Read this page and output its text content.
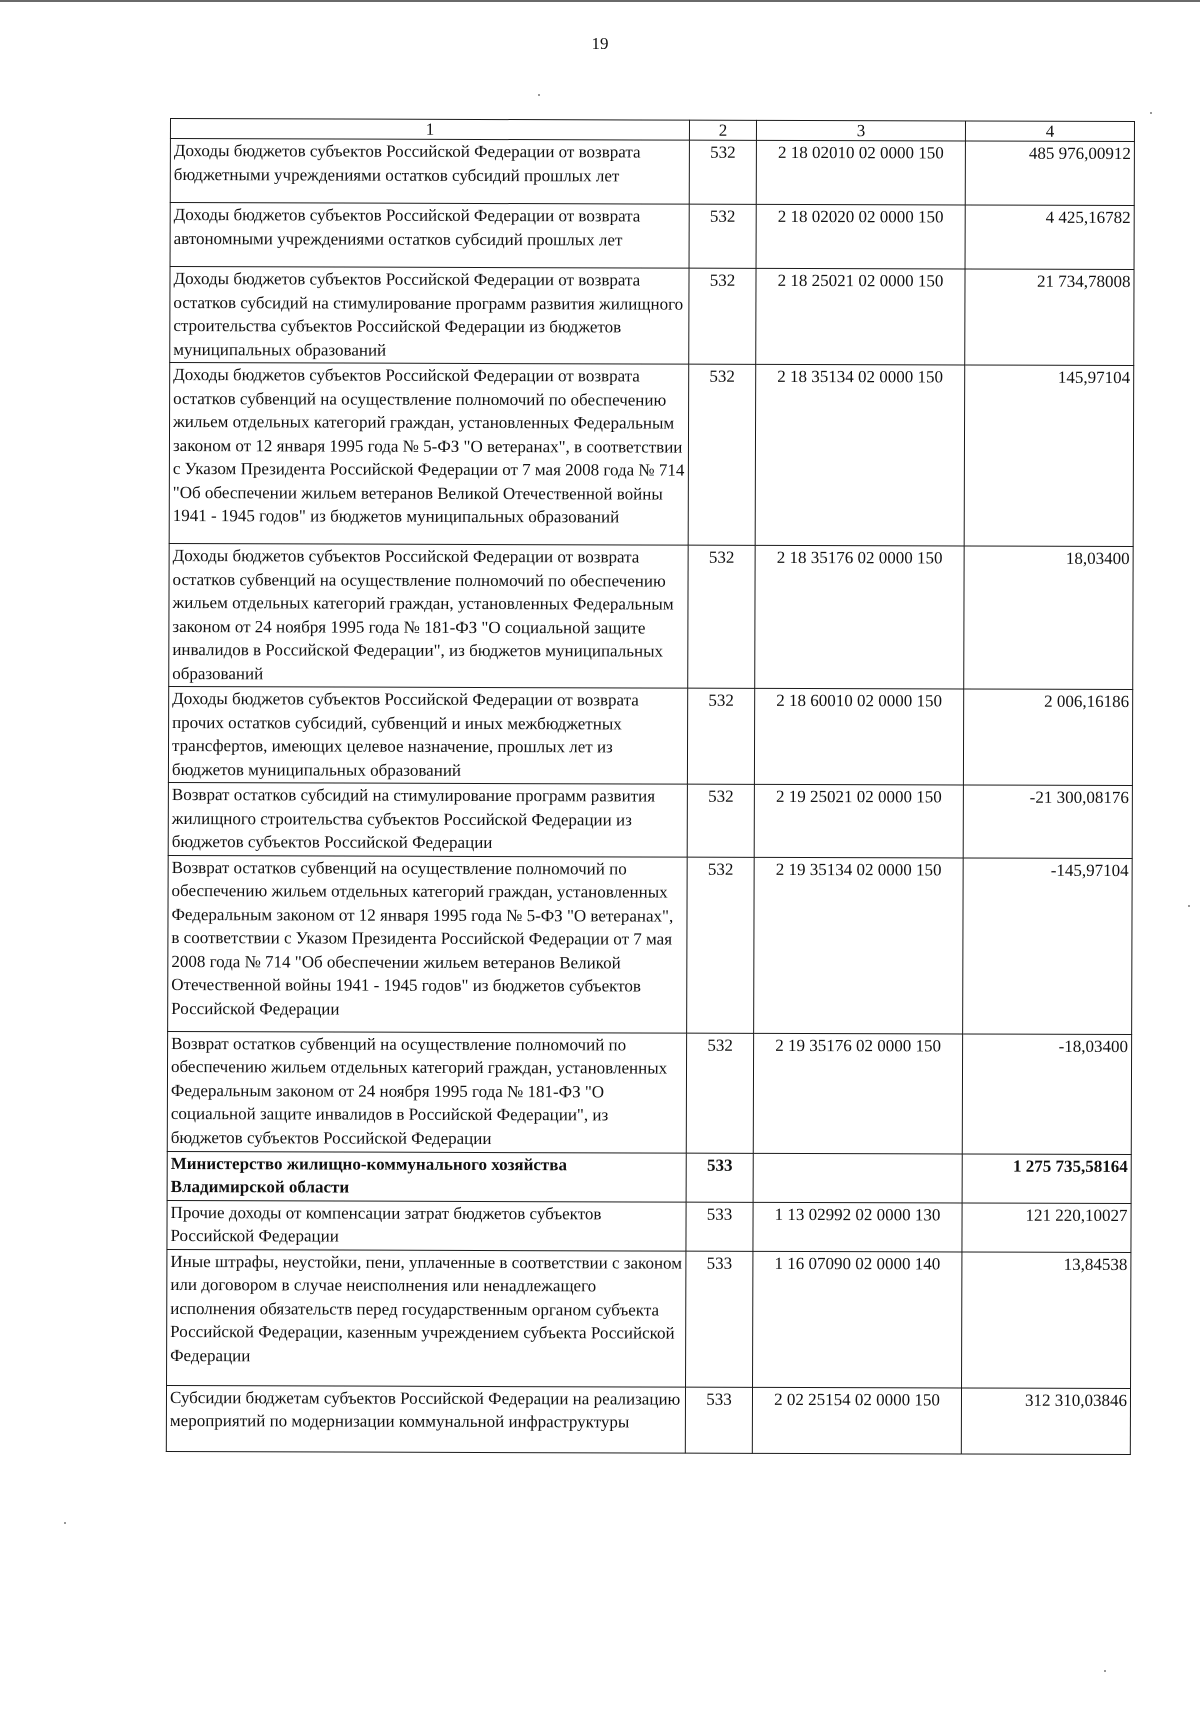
19
1	2	3	4
Доходы бюджетов субъектов Российской Федерации от возврата бюджетными учреждениями остатков субсидий прошлых лет	532	2 18 02010 02 0000 150	485 976,00912
Доходы бюджетов субъектов Российской Федерации от возврата автономными учреждениями остатков субсидий прошлых лет	532	2 18 02020 02 0000 150	4 425,16782
Доходы бюджетов субъектов Российской Федерации от возврата остатков субсидий на стимулирование программ развития жилищного строительства субъектов Российской Федерации из бюджетов муниципальных образований	532	2 18 25021 02 0000 150	21 734,78008
Доходы бюджетов субъектов Российской Федерации от возврата остатков субвенций на осуществление полномочий по обеспечению жильем отдельных категорий граждан, установленных Федеральным законом от 12 января 1995 года № 5-ФЗ "О ветеранах", в соответствии с Указом Президента Российской Федерации от 7 мая 2008 года № 714 "Об обеспечении жильем ветеранов Великой Отечественной войны 1941 - 1945 годов" из бюджетов муниципальных образований	532	2 18 35134 02 0000 150	145,97104
Доходы бюджетов субъектов Российской Федерации от возврата остатков субвенций на осуществление полномочий по обеспечению жильем отдельных категорий граждан, установленных Федеральным законом от 24 ноября 1995 года № 181-ФЗ "О социальной защите инвалидов в Российской Федерации", из бюджетов муниципальных образований	532	2 18 35176 02 0000 150	18,03400
Доходы бюджетов субъектов Российской Федерации от возврата прочих остатков субсидий, субвенций и иных межбюджетных трансфертов, имеющих целевое назначение, прошлых лет из бюджетов муниципальных образований	532	2 18 60010 02 0000 150	2 006,16186
Возврат остатков субсидий на стимулирование программ развития жилищного строительства субъектов Российской Федерации из бюджетов субъектов Российской Федерации	532	2 19 25021 02 0000 150	-21 300,08176
Возврат остатков субвенций на осуществление полномочий по обеспечению жильем отдельных категорий граждан, установленных Федеральным законом от 12 января 1995 года № 5-ФЗ "О ветеранах", в соответствии с Указом Президента Российской Федерации от 7 мая 2008 года № 714 "Об обеспечении жильем ветеранов Великой Отечественной войны 1941 - 1945 годов" из бюджетов субъектов Российской Федерации	532	2 19 35134 02 0000 150	-145,97104
Возврат остатков субвенций на осуществление полномочий по обеспечению жильем отдельных категорий граждан, установленных Федеральным законом от 24 ноября 1995 года № 181-ФЗ "О социальной защите инвалидов в Российской Федерации", из бюджетов субъектов Российской Федерации	532	2 19 35176 02 0000 150	-18,03400
Министерство жилищно-коммунального хозяйства Владимирской области	533		1 275 735,58164
Прочие доходы от компенсации затрат бюджетов субъектов Российской Федерации	533	1 13 02992 02 0000 130	121 220,10027
Иные штрафы, неустойки, пени, уплаченные в соответствии с законом или договором в случае неисполнения или ненадлежащего исполнения обязательств перед государственным органом субъекта Российской Федерации, казенным учреждением субъекта Российской Федерации	533	1 16 07090 02 0000 140	13,84538
Субсидии бюджетам субъектов Российской Федерации на реализацию мероприятий по модернизации коммунальной инфраструктуры	533	2 02 25154 02 0000 150	312 310,03846
